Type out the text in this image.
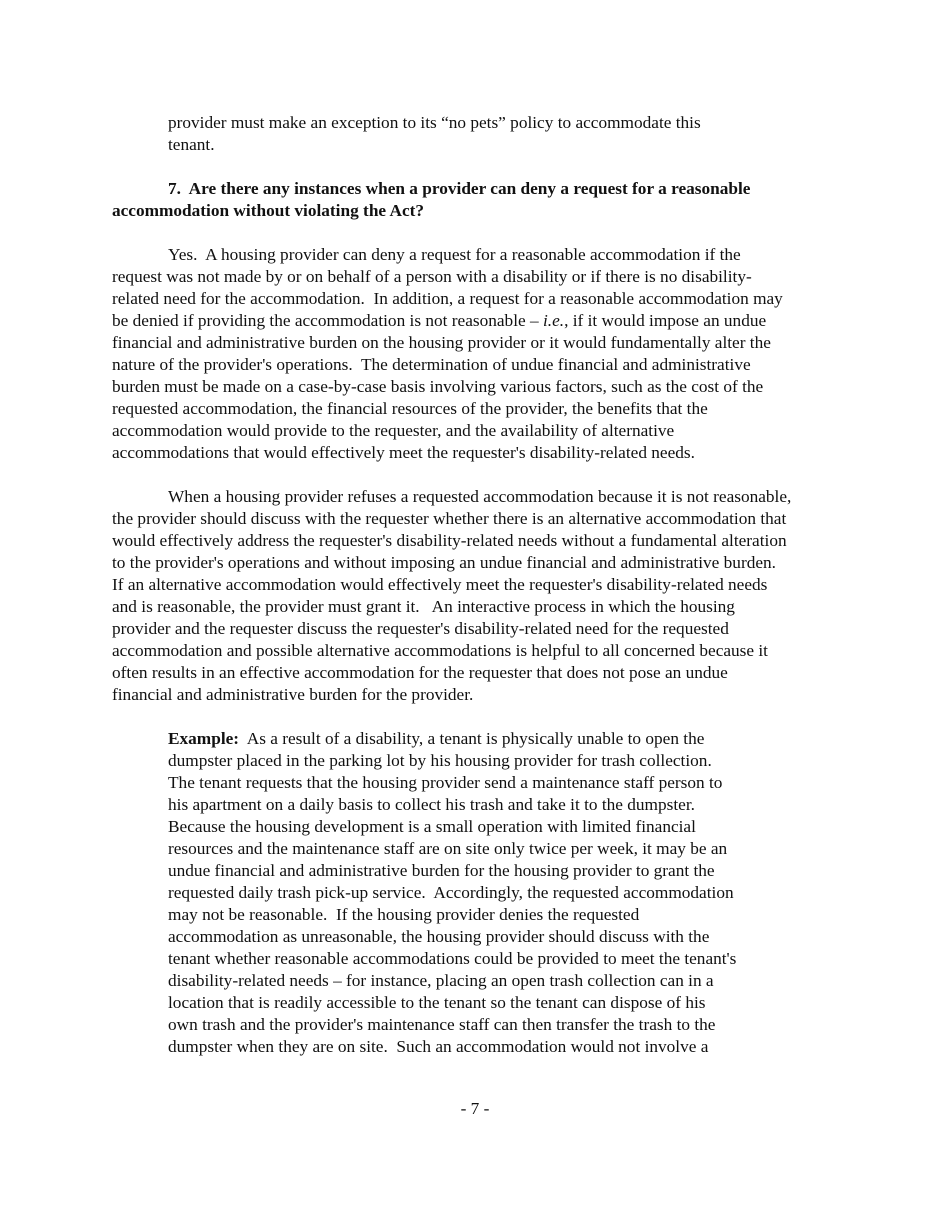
provider must make an exception to its “no pets” policy to accommodate this
tenant.
7. Are there any instances when a provider can deny a request for a reasonable
accommodation without violating the Act?
Yes.  A housing provider can deny a request for a reasonable accommodation if the
request was not made by or on behalf of a person with a disability or if there is no disability-
related need for the accommodation.  In addition, a request for a reasonable accommodation may
be denied if providing the accommodation is not reasonable – i.e., if it would impose an undue
financial and administrative burden on the housing provider or it would fundamentally alter the
nature of the provider's operations.  The determination of undue financial and administrative
burden must be made on a case-by-case basis involving various factors, such as the cost of the
requested accommodation, the financial resources of the provider, the benefits that the
accommodation would provide to the requester, and the availability of alternative
accommodations that would effectively meet the requester's disability-related needs.
When a housing provider refuses a requested accommodation because it is not reasonable,
the provider should discuss with the requester whether there is an alternative accommodation that
would effectively address the requester's disability-related needs without a fundamental alteration
to the provider's operations and without imposing an undue financial and administrative burden.
If an alternative accommodation would effectively meet the requester's disability-related needs
and is reasonable, the provider must grant it.   An interactive process in which the housing
provider and the requester discuss the requester's disability-related need for the requested
accommodation and possible alternative accommodations is helpful to all concerned because it
often results in an effective accommodation for the requester that does not pose an undue
financial and administrative burden for the provider.
Example:  As a result of a disability, a tenant is physically unable to open the
dumpster placed in the parking lot by his housing provider for trash collection.
The tenant requests that the housing provider send a maintenance staff person to
his apartment on a daily basis to collect his trash and take it to the dumpster.
Because the housing development is a small operation with limited financial
resources and the maintenance staff are on site only twice per week, it may be an
undue financial and administrative burden for the housing provider to grant the
requested daily trash pick-up service.  Accordingly, the requested accommodation
may not be reasonable.  If the housing provider denies the requested
accommodation as unreasonable, the housing provider should discuss with the
tenant whether reasonable accommodations could be provided to meet the tenant's
disability-related needs – for instance, placing an open trash collection can in a
location that is readily accessible to the tenant so the tenant can dispose of his
own trash and the provider's maintenance staff can then transfer the trash to the
dumpster when they are on site.  Such an accommodation would not involve a
- 7 -
